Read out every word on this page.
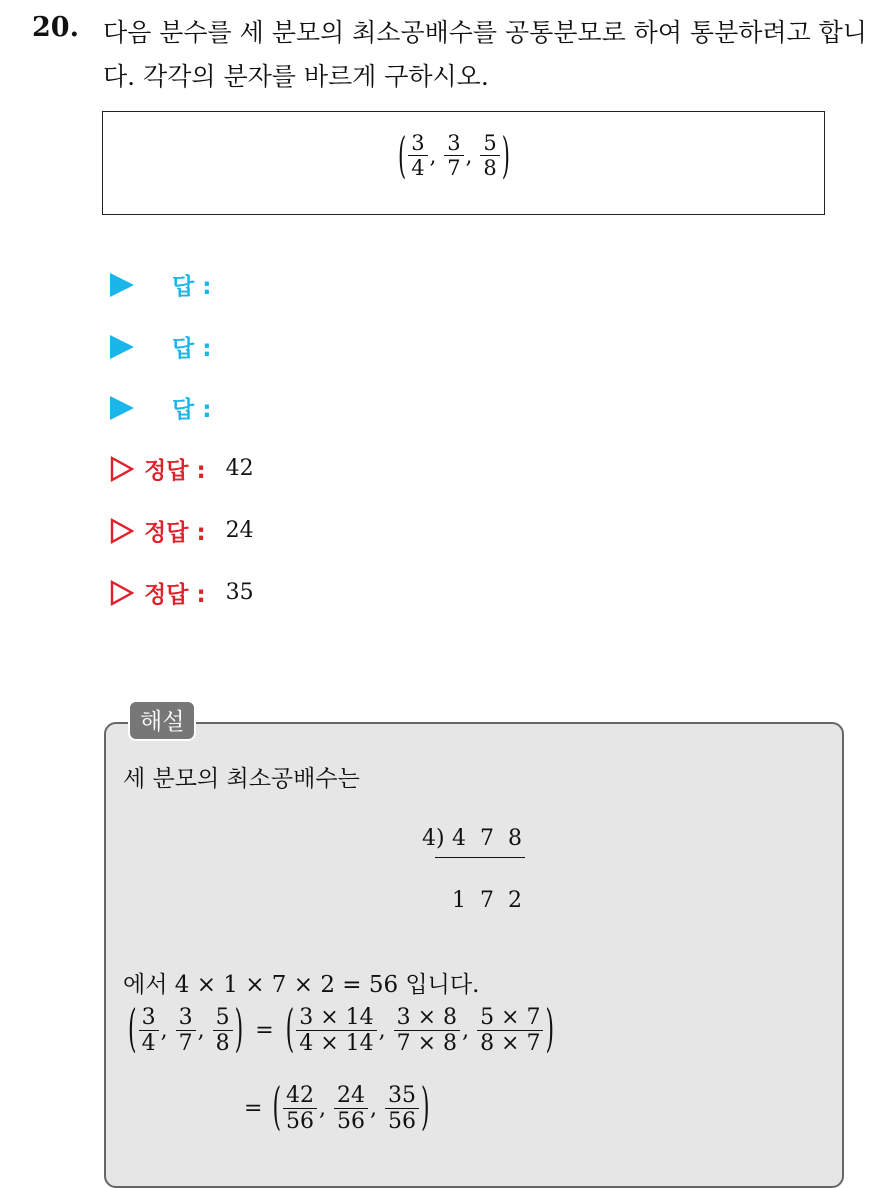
20. 다음 분수를 세 분모의 최소공배수를 공통분모로 하여 통분하려고 합니다. 각각의 분자를 바르게 구하시오.
( $\frac{3}{4}$ , $\frac{3}{7}$ , $\frac{5}{8}$ )
답 :
답 :
답 :
정답 : 42
정답 : 24
정답 : 35
해설
세 분모의 최소공배수는
4) 4  7  8
1  7  2
에서 4 × 1 × 7 × 2 = 56 입니다.
( $\frac{3}{4}$ , $\frac{3}{7}$ , $\frac{5}{8}$ ) = ( $\frac{3 \times 14}{4 \times 14}$ , $\frac{3 \times 8}{7 \times 8}$ , $\frac{5 \times 7}{8 \times 7}$ )
= ( $\frac{42}{56}$ , $\frac{24}{56}$ , $\frac{35}{56}$ )
